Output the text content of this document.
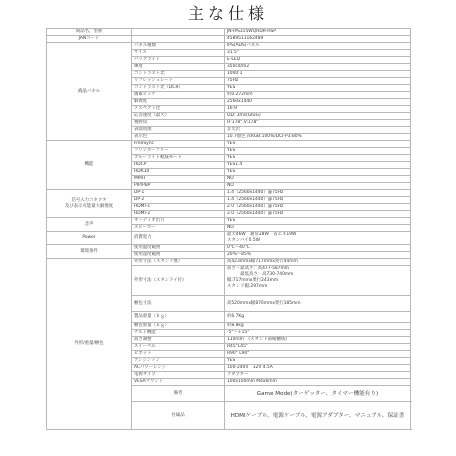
主な仕様
商品名、型番		JN-IPS315WQHDR-HSP
JANコード		4589511162489
液晶パネル	パネル種類	IPS(ADS)パネル
	サイズ	31.5"
	バックライト	E-LED
	輝度	350cd/m2
	コントラスト比	1000:1
	リフレッシュレート	75Hz
	コントラスト比（DCR）	YES
	画素ピッチ	約0.272mm
	解像度	2560x1440
	アスペクト比	16:9
	応答速度（最大）	OD: 3ms(GtoG)
	視野角	H:178°,V:178°
	表面処理	非光沢
	表示色	10.7億色 /sRGB:100%/DCI-P3:80%
機能	FreeSync	YES
	フリッカーフリー	YES
	ブルーライト軽減モード	YES
	HDCP	YES1.4
	HDR10	YES
	MPRT	NO
	PIP/PBP	NO
信号入力コネクタ
及び表示可能最大解像度	DP-1	1.4（2560x1440）@75Hz
	DP-2	1.4（2560x1440）@75Hz
	HDMI-1	2.0（2560x1440）@75Hz
	HDMI-2	2.0（2560x1440）@75Hz
音声	オーディオ出力	YES
	スピーカー	NO
Power	消費電力	最大46W　通常28W　省エネ19W
スタンバイ0.5W
環境条件	使用温度範囲	0℃～40℃
	使用湿度範囲	20%～85%
外形/重量/梱包	外形寸法（スタンド無）	高423mmx幅717mmx奥行44mm
	外形寸法（スタンドイ付）	高さ－最高さ：高477-587mm
　　　最低高さ：高730-740mm
幅:717mmx奥行243mm
スタンド幅:297mm
	梱包寸法	高520mmx幅870mmx奥行185mm
	製品重量（ｋｇ）	約6.7Kg
	梱包重量（ｋｇ）	約8.8kg
	チルト機能	-5°～+15°
	高さ調整	110mm　(スタンド部稼働域)
	スイーベル	R45°L45°
	ピボット	R90° L90°
	ケンジントン	YES
	ACパワーレンジ	100-240V　12V 4.5A
	電源タイプ	アダプター
	VESAマウント	100x100mm M4x6mm
	備考	Game Mode(ターゲッター、タイマー機能有り)
	付属品	HDMIケーブル、電源ケーブル、電源アダプター、マニュアル、保証書
